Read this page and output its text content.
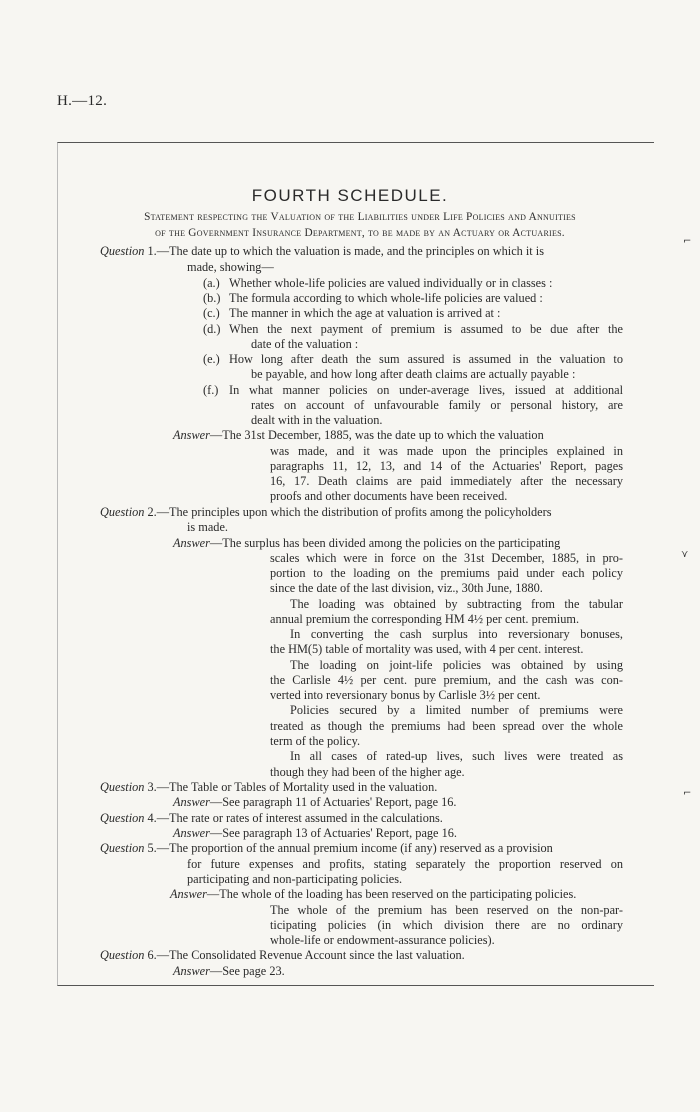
H.—12.
FOURTH SCHEDULE.
Statement respecting the Valuation of the Liabilities under Life Policies and Annuities
of the Government Insurance Department, to be made by an Actuary or Actuaries.
Question 1.—The date up to which the valuation is made, and the principles on which it is
made, showing—
(a.) Whether whole-life policies are valued individually or in classes :
(b.) The formula according to which whole-life policies are valued :
(c.) The manner in which the age at valuation is arrived at :
(d.) When the next payment of premium is assumed to be due after the
date of the valuation :
(e.) How long after death the sum assured is assumed in the valuation to
be payable, and how long after death claims are actually payable :
(f.) In what manner policies on under-average lives, issued at additional
rates on account of unfavourable family or personal history, are
dealt with in the valuation.
Answer—The 31st December, 1885, was the date up to which the valuation
was made, and it was made upon the principles explained in
paragraphs 11, 12, 13, and 14 of the Actuaries' Report, pages
16, 17. Death claims are paid immediately after the necessary
proofs and other documents have been received.
Question 2.—The principles upon which the distribution of profits among the policyholders
is made.
Answer—The surplus has been divided among the policies on the participating
scales which were in force on the 31st December, 1885, in pro-
portion to the loading on the premiums paid under each policy
since the date of the last division, viz., 30th June, 1880.
The loading was obtained by subtracting from the tabular
annual premium the corresponding HM 4½ per cent. premium.
In converting the cash surplus into reversionary bonuses,
the HM(5) table of mortality was used, with 4 per cent. interest.
The loading on joint-life policies was obtained by using
the Carlisle 4½ per cent. pure premium, and the cash was con-
verted into reversionary bonus by Carlisle 3½ per cent.
Policies secured by a limited number of premiums were
treated as though the premiums had been spread over the whole
term of the policy.
In all cases of rated-up lives, such lives were treated as
though they had been of the higher age.
Question 3.—The Table or Tables of Mortality used in the valuation.
Answer—See paragraph 11 of Actuaries' Report, page 16.
Question 4.—The rate or rates of interest assumed in the calculations.
Answer—See paragraph 13 of Actuaries' Report, page 16.
Question 5.—The proportion of the annual premium income (if any) reserved as a provision
for future expenses and profits, stating separately the proportion reserved on
participating and non-participating policies.
Answer—The whole of the loading has been reserved on the participating policies.
The whole of the premium has been reserved on the non-par-
ticipating policies (in which division there are no ordinary
whole-life or endowment-assurance policies).
Question 6.—The Consolidated Revenue Account since the last valuation.
Answer—See page 23.
⌐
⋎
⌐
